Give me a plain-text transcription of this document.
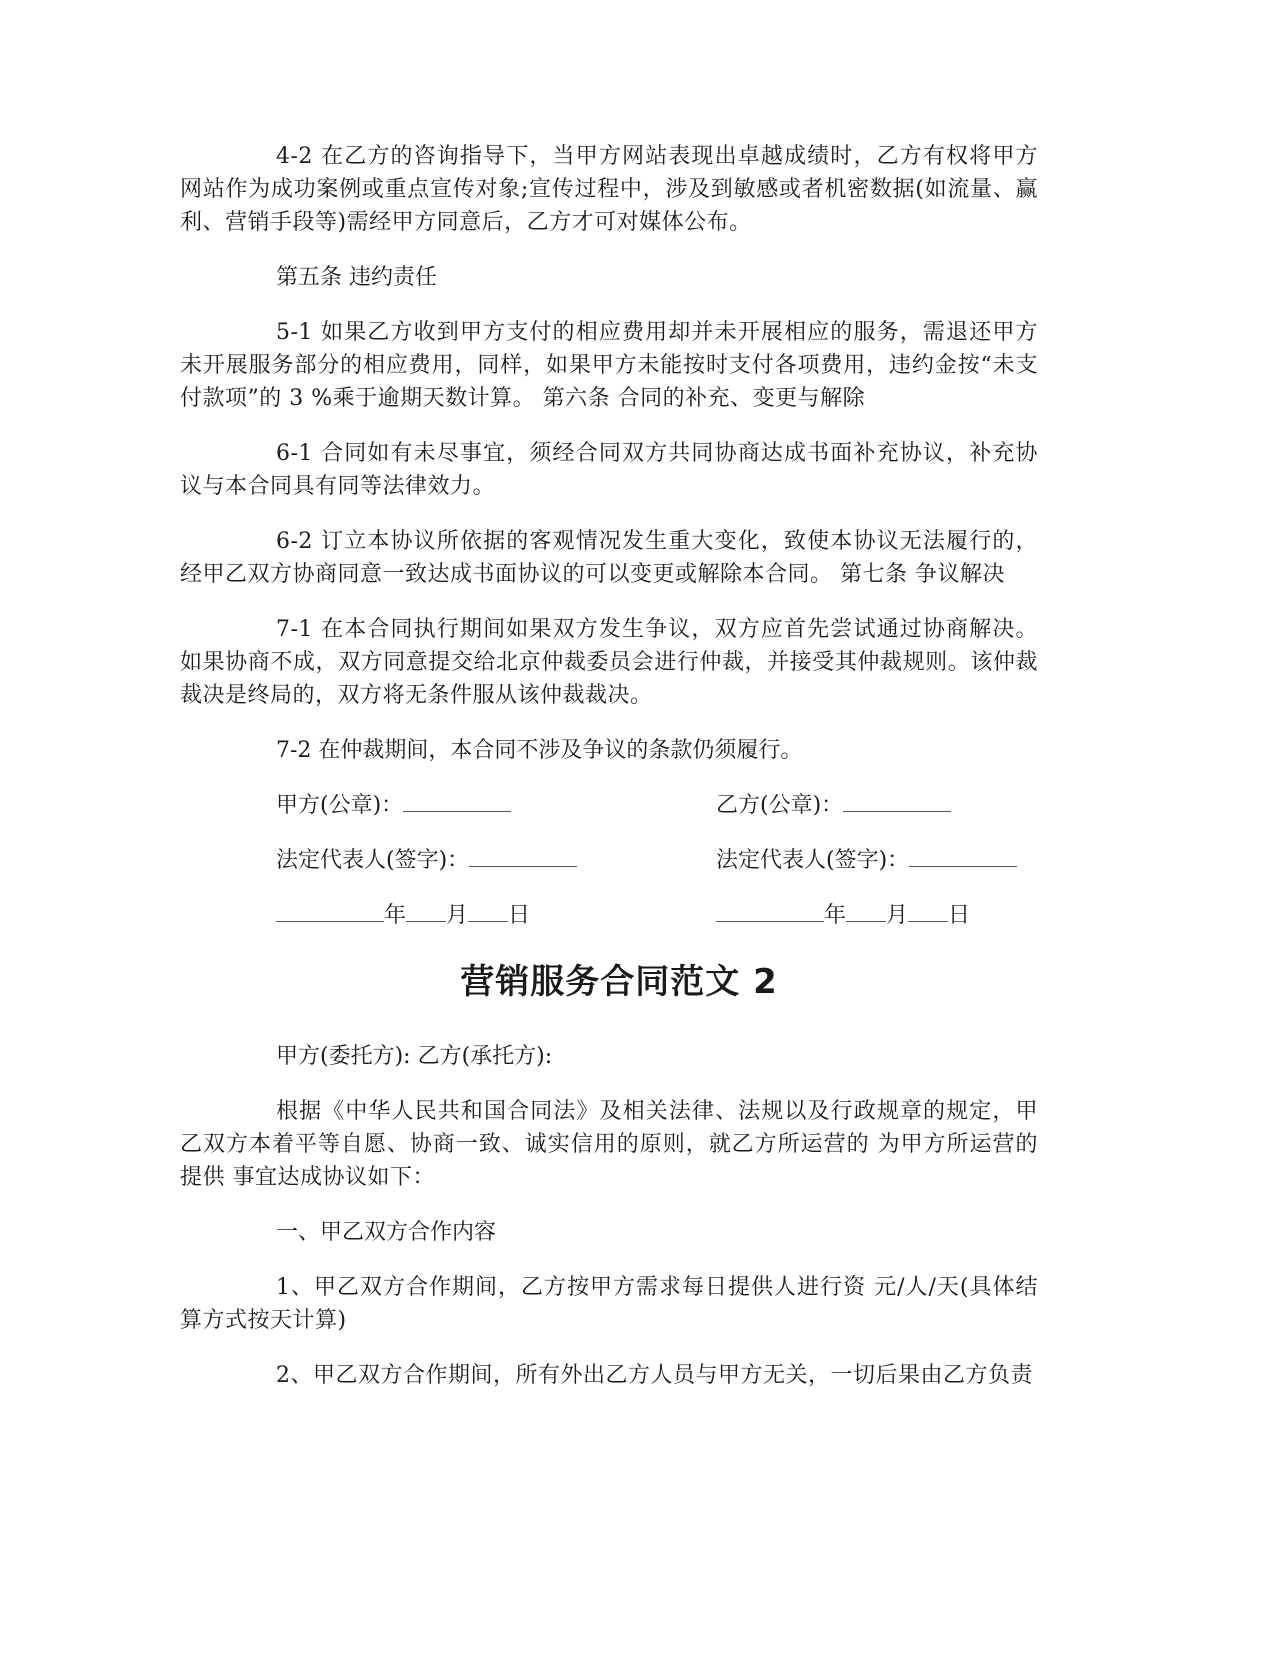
4-2 在乙方的咨询指导下，当甲方网站表现出卓越成绩时，乙方有权将甲方网站作为成功案例或重点宣传对象;宣传过程中，涉及到敏感或者机密数据(如流量、赢利、营销手段等)需经甲方同意后，乙方才可对媒体公布。

第五条 违约责任

5-1 如果乙方收到甲方支付的相应费用却并未开展相应的服务，需退还甲方未开展服务部分的相应费用，同样，如果甲方未能按时支付各项费用，违约金按“未支付款项”的 3 %乘于逾期天数计算。 第六条 合同的补充、变更与解除

6-1 合同如有未尽事宜，须经合同双方共同协商达成书面补充协议，补充协议与本合同具有同等法律效力。

6-2 订立本协议所依据的客观情况发生重大变化，致使本协议无法履行的，经甲乙双方协商同意一致达成书面协议的可以变更或解除本合同。 第七条 争议解决

7-1 在本合同执行期间如果双方发生争议，双方应首先尝试通过协商解决。如果协商不成，双方同意提交给北京仲裁委员会进行仲裁，并接受其仲裁规则。该仲裁裁决是终局的，双方将无条件服从该仲裁裁决。

7-2 在仲裁期间，本合同不涉及争议的条款仍须履行。

甲方(公章)：	乙方(公章)：
法定代表人(签字)：	法定代表人(签字)：
年 月 日	年 月 日
营销服务合同范文 2

甲方(委托方): 乙方(承托方):

根据《中华人民共和国合同法》及相关法律、法规以及行政规章的规定，甲乙双方本着平等自愿、协商一致、诚实信用的原则，就乙方所运营的 为甲方所运营的 提供 事宜达成协议如下：

一、甲乙双方合作内容

1、甲乙双方合作期间，乙方按甲方需求每日提供人进行资 元/人/天(具体结算方式按天计算)

2、甲乙双方合作期间，所有外出乙方人员与甲方无关，一切后果由乙方负责
